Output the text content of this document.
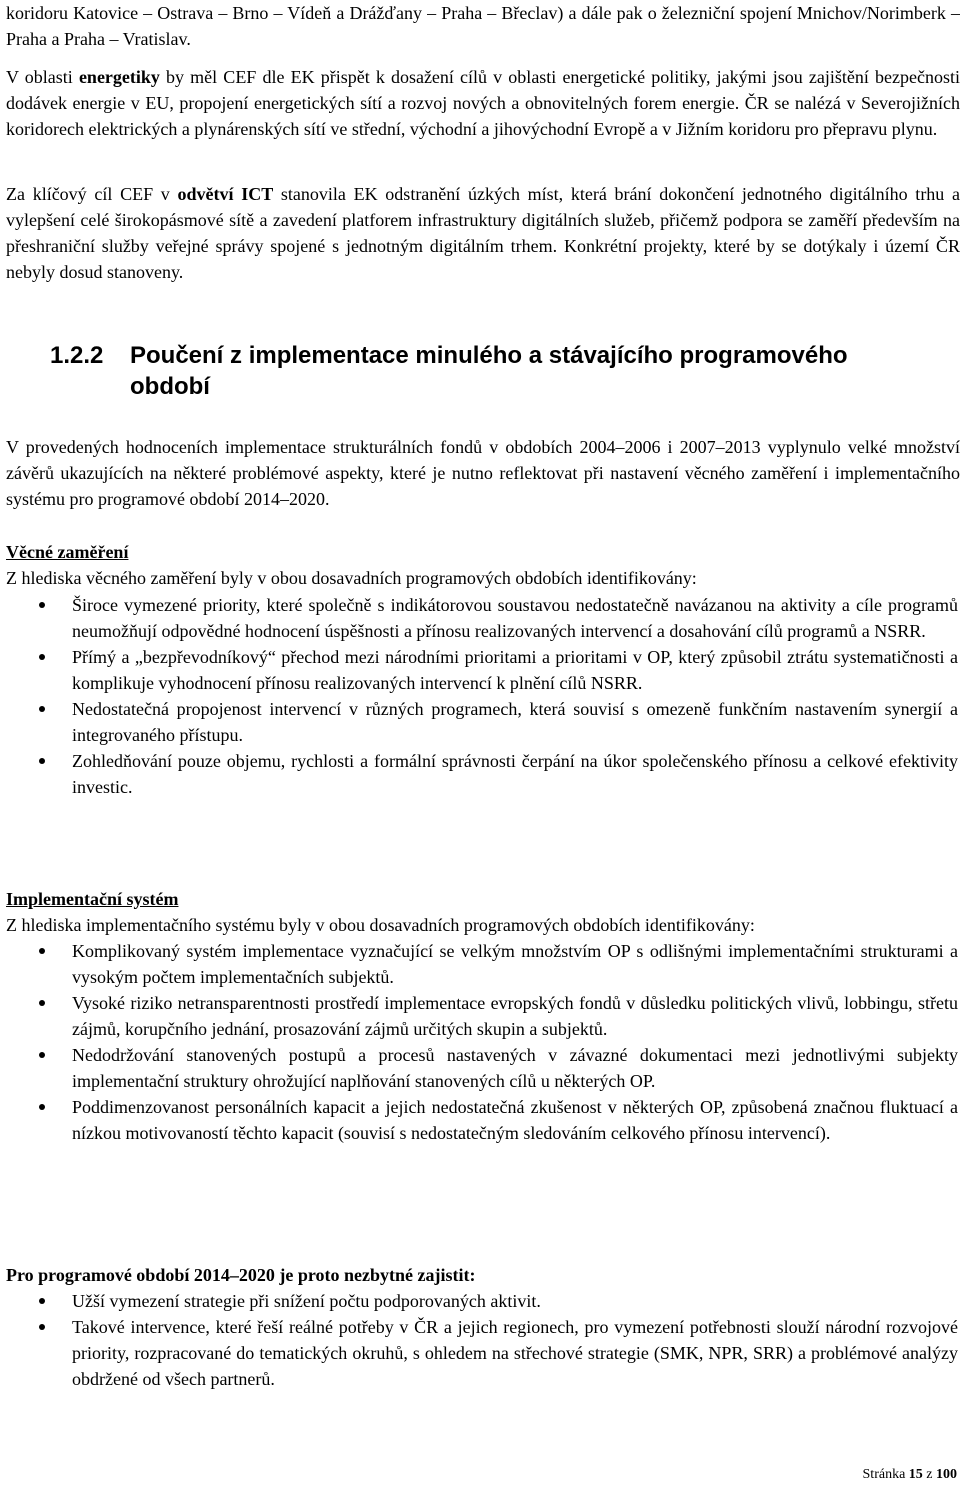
koridoru Katovice – Ostrava – Brno – Vídeň a Drážďany – Praha – Břeclav) a dále pak o železniční spojení Mnichov/Norimberk – Praha a Praha – Vratislav.

V oblasti energetiky by měl CEF dle EK přispět k dosažení cílů v oblasti energetické politiky, jakými jsou zajištění bezpečnosti dodávek energie v EU, propojení energetických sítí a rozvoj nových a obnovitelných forem energie. ČR se nalézá v Severojižních koridorech elektrických a plynárenských sítí ve střední, východní a jihovýchodní Evropě a v Jižním koridoru pro přepravu plynu.

Za klíčový cíl CEF v odvětví ICT stanovila EK odstranění úzkých míst, která brání dokončení jednotného digitálního trhu a vylepšení celé širokopásmové sítě a zavedení platforem infrastruktury digitálních služeb, přičemž podpora se zaměří především na přeshraniční služby veřejné správy spojené s jednotným digitálním trhem. Konkrétní projekty, které by se dotýkaly i území ČR nebyly dosud stanoveny.

1.2.2 Poučení z implementace minulého a stávajícího programového
období

V provedených hodnoceních implementace strukturálních fondů v obdobích 2004–2006 i 2007–2013 vyplynulo velké množství závěrů ukazujících na některé problémové aspekty, které je nutno reflektovat při nastavení věcného zaměření i implementačního systému pro programové období 2014–2020.

Věcné zaměření

Z hlediska věcného zaměření byly v obou dosavadních programových obdobích identifikovány:

Široce vymezené priority, které společně s indikátorovou soustavou nedostatečně navázanou na aktivity a cíle programů neumožňují odpovědné hodnocení úspěšnosti a přínosu realizovaných intervencí a dosahování cílů programů a NSRR.
Přímý a „bezpřevodníkový“ přechod mezi národními prioritami a prioritami v OP, který způsobil ztrátu systematičnosti a komplikuje vyhodnocení přínosu realizovaných intervencí k plnění cílů NSRR.
Nedostatečná propojenost intervencí v různých programech, která souvisí s omezeně funkčním nastavením synergií a integrovaného přístupu.
Zohledňování pouze objemu, rychlosti a formální správnosti čerpání na úkor společenského přínosu a celkové efektivity investic.

Implementační systém

Z hlediska implementačního systému byly v obou dosavadních programových obdobích identifikovány:

Komplikovaný systém implementace vyznačující se velkým množstvím OP s odlišnými implementačními strukturami a vysokým počtem implementačních subjektů.
Vysoké riziko netransparentnosti prostředí implementace evropských fondů v důsledku politických vlivů, lobbingu, střetu zájmů, korupčního jednání, prosazování zájmů určitých skupin a subjektů.
Nedodržování stanovených postupů a procesů nastavených v závazné dokumentaci mezi jednotlivými subjekty implementační struktury ohrožující naplňování stanovených cílů u některých OP.
Poddimenzovanost personálních kapacit a jejich nedostatečná zkušenost v některých OP, způsobená značnou fluktuací a nízkou motivovaností těchto kapacit (souvisí s nedostatečným sledováním celkového přínosu intervencí).

Pro programové období 2014–2020 je proto nezbytné zajistit:

Užší vymezení strategie při snížení počtu podporovaných aktivit.
Takové intervence, které řeší reálné potřeby v ČR a jejich regionech, pro vymezení potřebnosti slouží národní rozvojové priority, rozpracované do tematických okruhů, s ohledem na střechové strategie (SMK, NPR, SRR) a problémové analýzy obdržené od všech partnerů.
Stránka 15 z 100
